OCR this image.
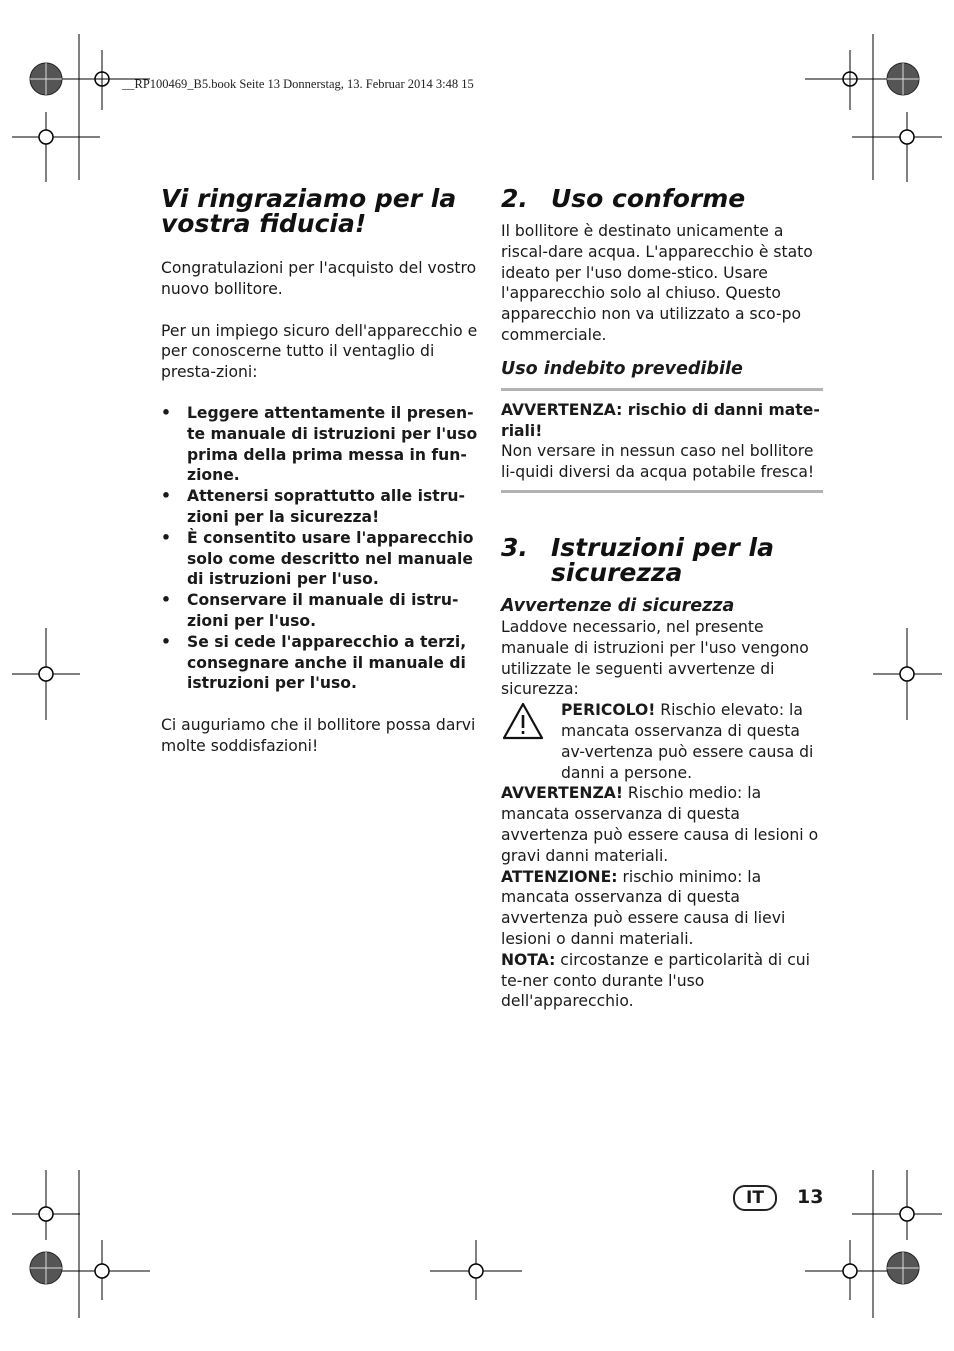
__RP100469_B5.book Seite 13 Donnerstag, 13. Februar 2014 3:48 15
Vi ringraziamo per la vostra fiducia!

Congratulazioni per l'acquisto del vostro nuovo bollitore.

Per un impiego sicuro dell'apparecchio e per conoscerne tutto il ventaglio di presta-zioni:

• Leggere attentamente il presen-te manuale di istruzioni per l'uso prima della prima messa in fun-zione.
• Attenersi soprattutto alle istru-zioni per la sicurezza!
• È consentito usare l'apparecchio solo come descritto nel manuale di istruzioni per l'uso.
• Conservare il manuale di istru-zioni per l'uso.
• Se si cede l'apparecchio a terzi, consegnare anche il manuale di istruzioni per l'uso.

Ci auguriamo che il bollitore possa darvi molte soddisfazioni!

2. Uso conforme

Il bollitore è destinato unicamente a riscal-dare acqua. L'apparecchio è stato ideato per l'uso dome-stico. Usare l'apparecchio solo al chiuso. Questo apparecchio non va utilizzato a sco-po commerciale.

Uso indebito prevedibile

AVVERTENZA: rischio di danni mate-riali!

Non versare in nessun caso nel bollitore li-quidi diversi da acqua potabile fresca!

3. Istruzioni per la sicurezza
Avvertenze di sicurezza

Laddove necessario, nel presente manuale di istruzioni per l'uso vengono utilizzate le seguenti avvertenze di sicurezza:

PERICOLO! Rischio elevato: la mancata osservanza di questa av-vertenza può essere causa di danni a persone.

AVVERTENZA! Rischio medio: la mancata osservanza di questa avvertenza può essere causa di lesioni o gravi danni materiali.

ATTENZIONE: rischio minimo: la mancata osservanza di questa avvertenza può essere causa di lievi lesioni o danni materiali.

NOTA: circostanze e particolarità di cui te-ner conto durante l'uso dell'apparecchio.

IT	13
